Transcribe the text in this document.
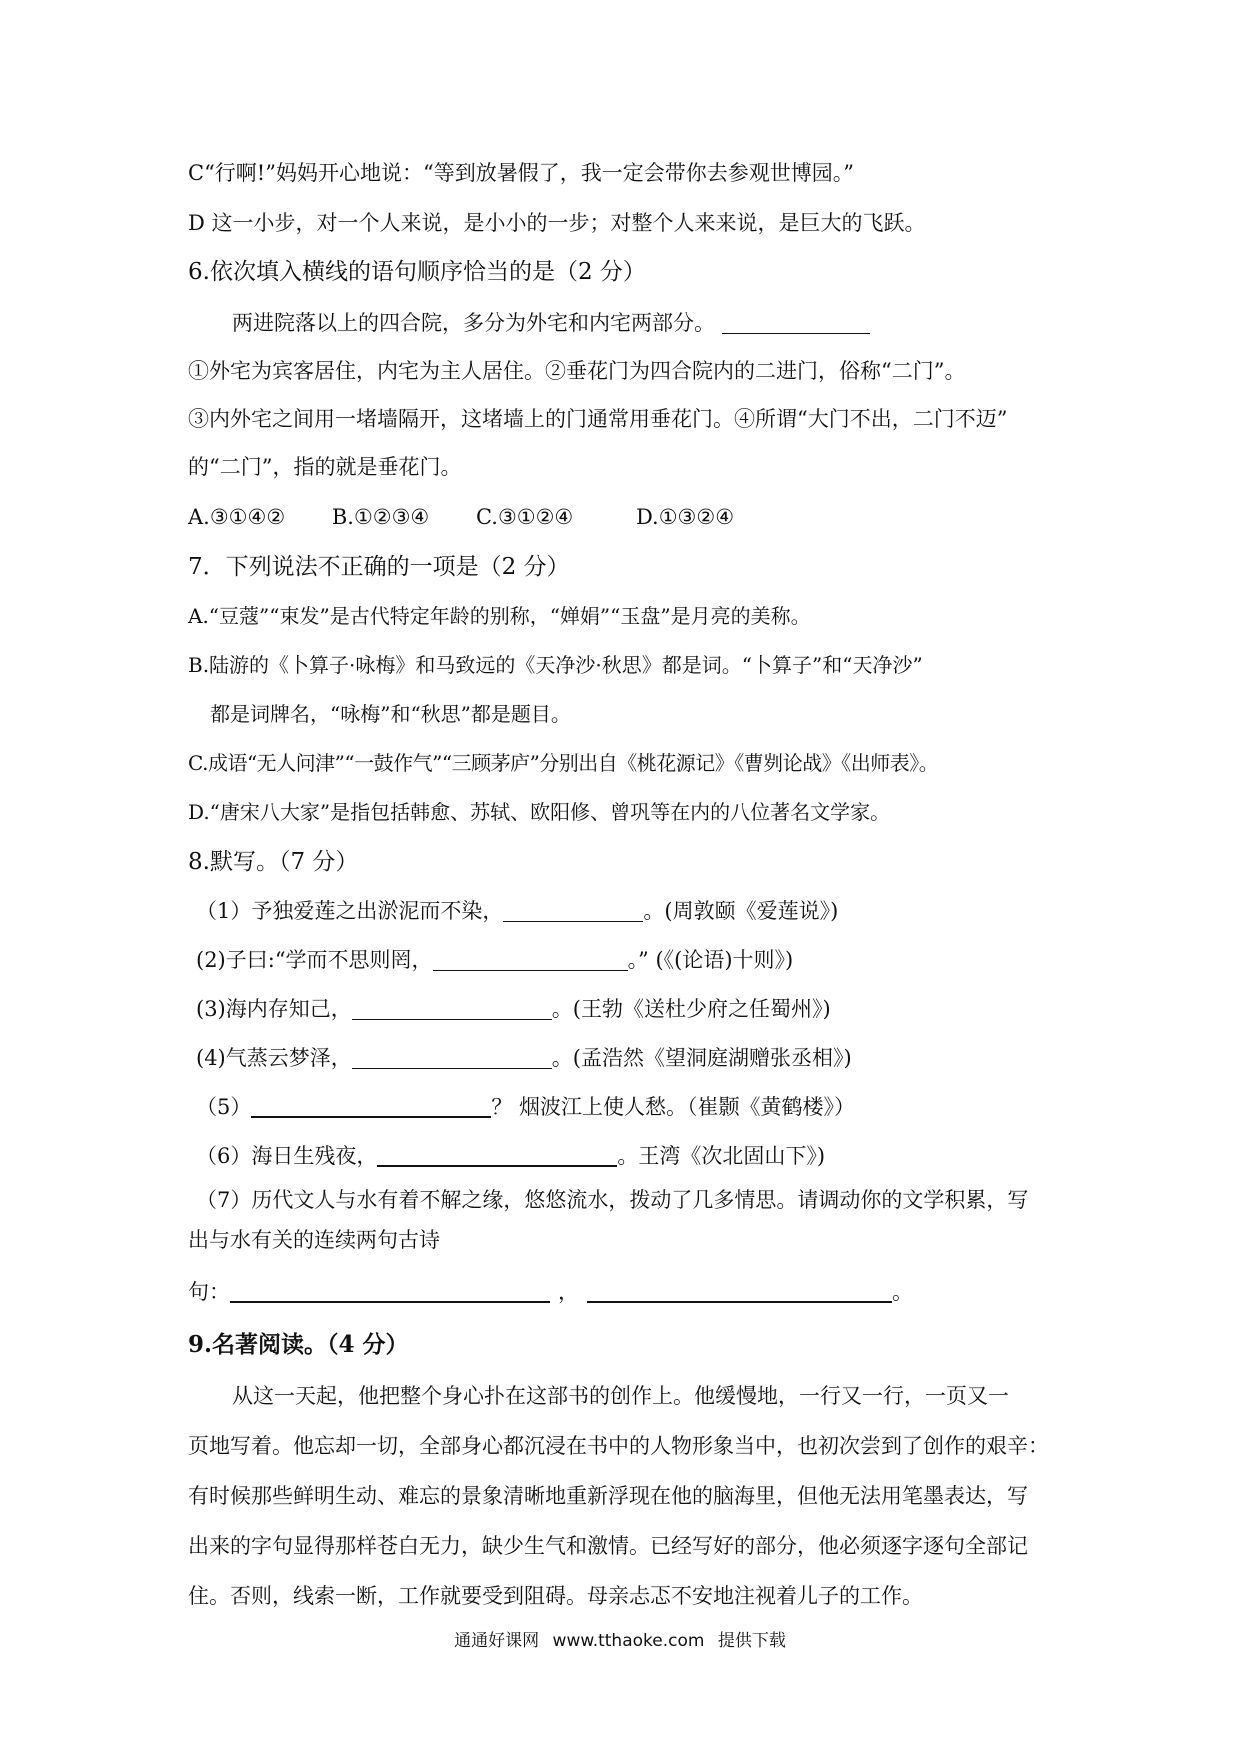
C“行啊!”妈妈开心地说：“等到放暑假了，我一定会带你去参观世博园。”
D 这一小步，对一个人来说，是小小的一步；对整个人来来说，是巨大的飞跃。
6.依次填入横线的语句顺序恰当的是（2 分）
两进院落以上的四合院，多分为外宅和内宅两部分。
①外宅为宾客居住，内宅为主人居住。②垂花门为四合院内的二进门，俗称“二门”。
③内外宅之间用一堵墙隔开，这堵墙上的门通常用垂花门。④所谓“大门不出，二门不迈”
的“二门”，指的就是垂花门。
A.③①④② B.①②③④ C.③①②④	D.①③②④
7．下列说法不正确的一项是（2 分）
A.“豆蔻”“束发”是古代特定年龄的别称，“婵娟”“玉盘”是月亮的美称。
B.陆游的《卜算子·咏梅》和马致远的《天净沙·秋思》都是词。“卜算子”和“天净沙”
都是词牌名，“咏梅”和“秋思”都是题目。
C.成语“无人问津”“一鼓作气”“三顾茅庐”分别出自《桃花源记》《曹刿论战》《出师表》。
D.“唐宋八大家”是指包括韩愈、苏轼、欧阳修、曾巩等在内的八位著名文学家。
8.默写。（7 分）
（1）予独爱莲之出淤泥而不染，	。(周敦颐《爱莲说》)
(2)子曰:“学而不思则罔，	。” (《(论语)十则》)
(3)海内存知己，	。(王勃《送杜少府之任蜀州》)
(4)气蒸云梦泽，	。(孟浩然《望洞庭湖赠张丞相》)
（5）	？ 烟波江上使人愁。（崔颢《黄鹤楼》）
（6）海日生残夜，	。王湾《次北固山下》)
（7）历代文人与水有着不解之缘，悠悠流水，拨动了几多情思。请调动你的文学积累，写
出与水有关的连续两句古诗
句：	，	。
9.名著阅读。（4 分）
从这一天起，他把整个身心扑在这部书的创作上。他缓慢地，一行又一行，一页又一
页地写着。他忘却一切，全部身心都沉浸在书中的人物形象当中，也初次尝到了创作的艰辛：
有时候那些鲜明生动、难忘的景象清晰地重新浮现在他的脑海里，但他无法用笔墨表达，写
出来的字句显得那样苍白无力，缺少生气和激情。已经写好的部分，他必须逐字逐句全部记
住。否则，线索一断，工作就要受到阻碍。母亲忐忑不安地注视着儿子的工作。
通通好课网 www.tthaoke.com 提供下载
